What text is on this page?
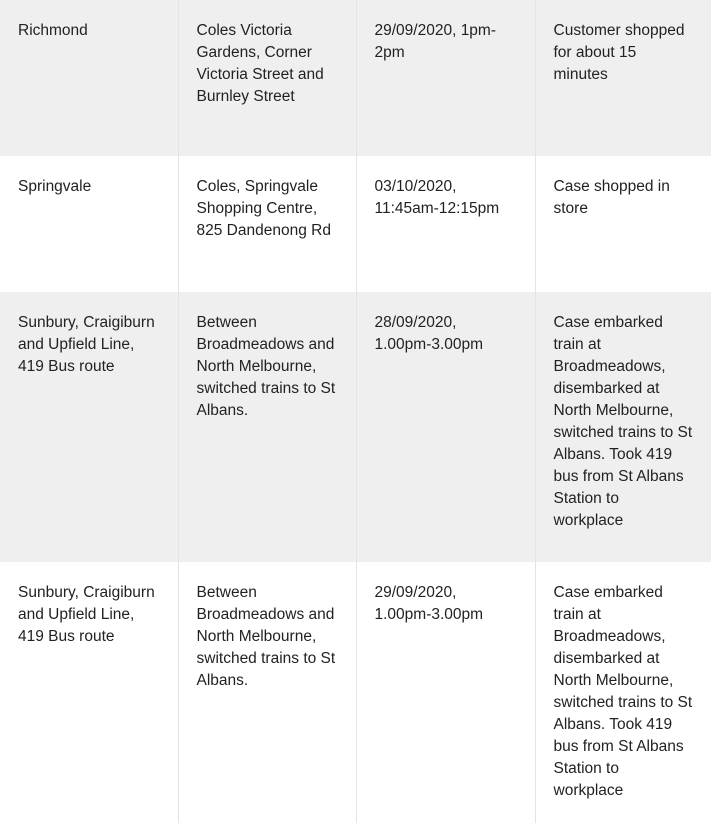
Richmond	Coles Victoria Gardens, Corner Victoria Street and Burnley Street	29/09/2020, 1pm-2pm	Customer shopped for about 15 minutes
Springvale	Coles, Springvale Shopping Centre, 825 Dandenong Rd	03/10/2020, 11:45am-12:15pm	Case shopped in store
Sunbury, Craigiburn and Upfield Line, 419 Bus route	Between Broadmeadows and North Melbourne, switched trains to St Albans.	28/09/2020, 1.00pm-3.00pm	Case embarked train at Broadmeadows, disembarked at North Melbourne, switched trains to St Albans. Took 419 bus from St Albans Station to workplace
Sunbury, Craigiburn and Upfield Line, 419 Bus route	Between Broadmeadows and North Melbourne, switched trains to St Albans.	29/09/2020, 1.00pm-3.00pm	Case embarked train at Broadmeadows, disembarked at North Melbourne, switched trains to St Albans. Took 419 bus from St Albans Station to workplace
